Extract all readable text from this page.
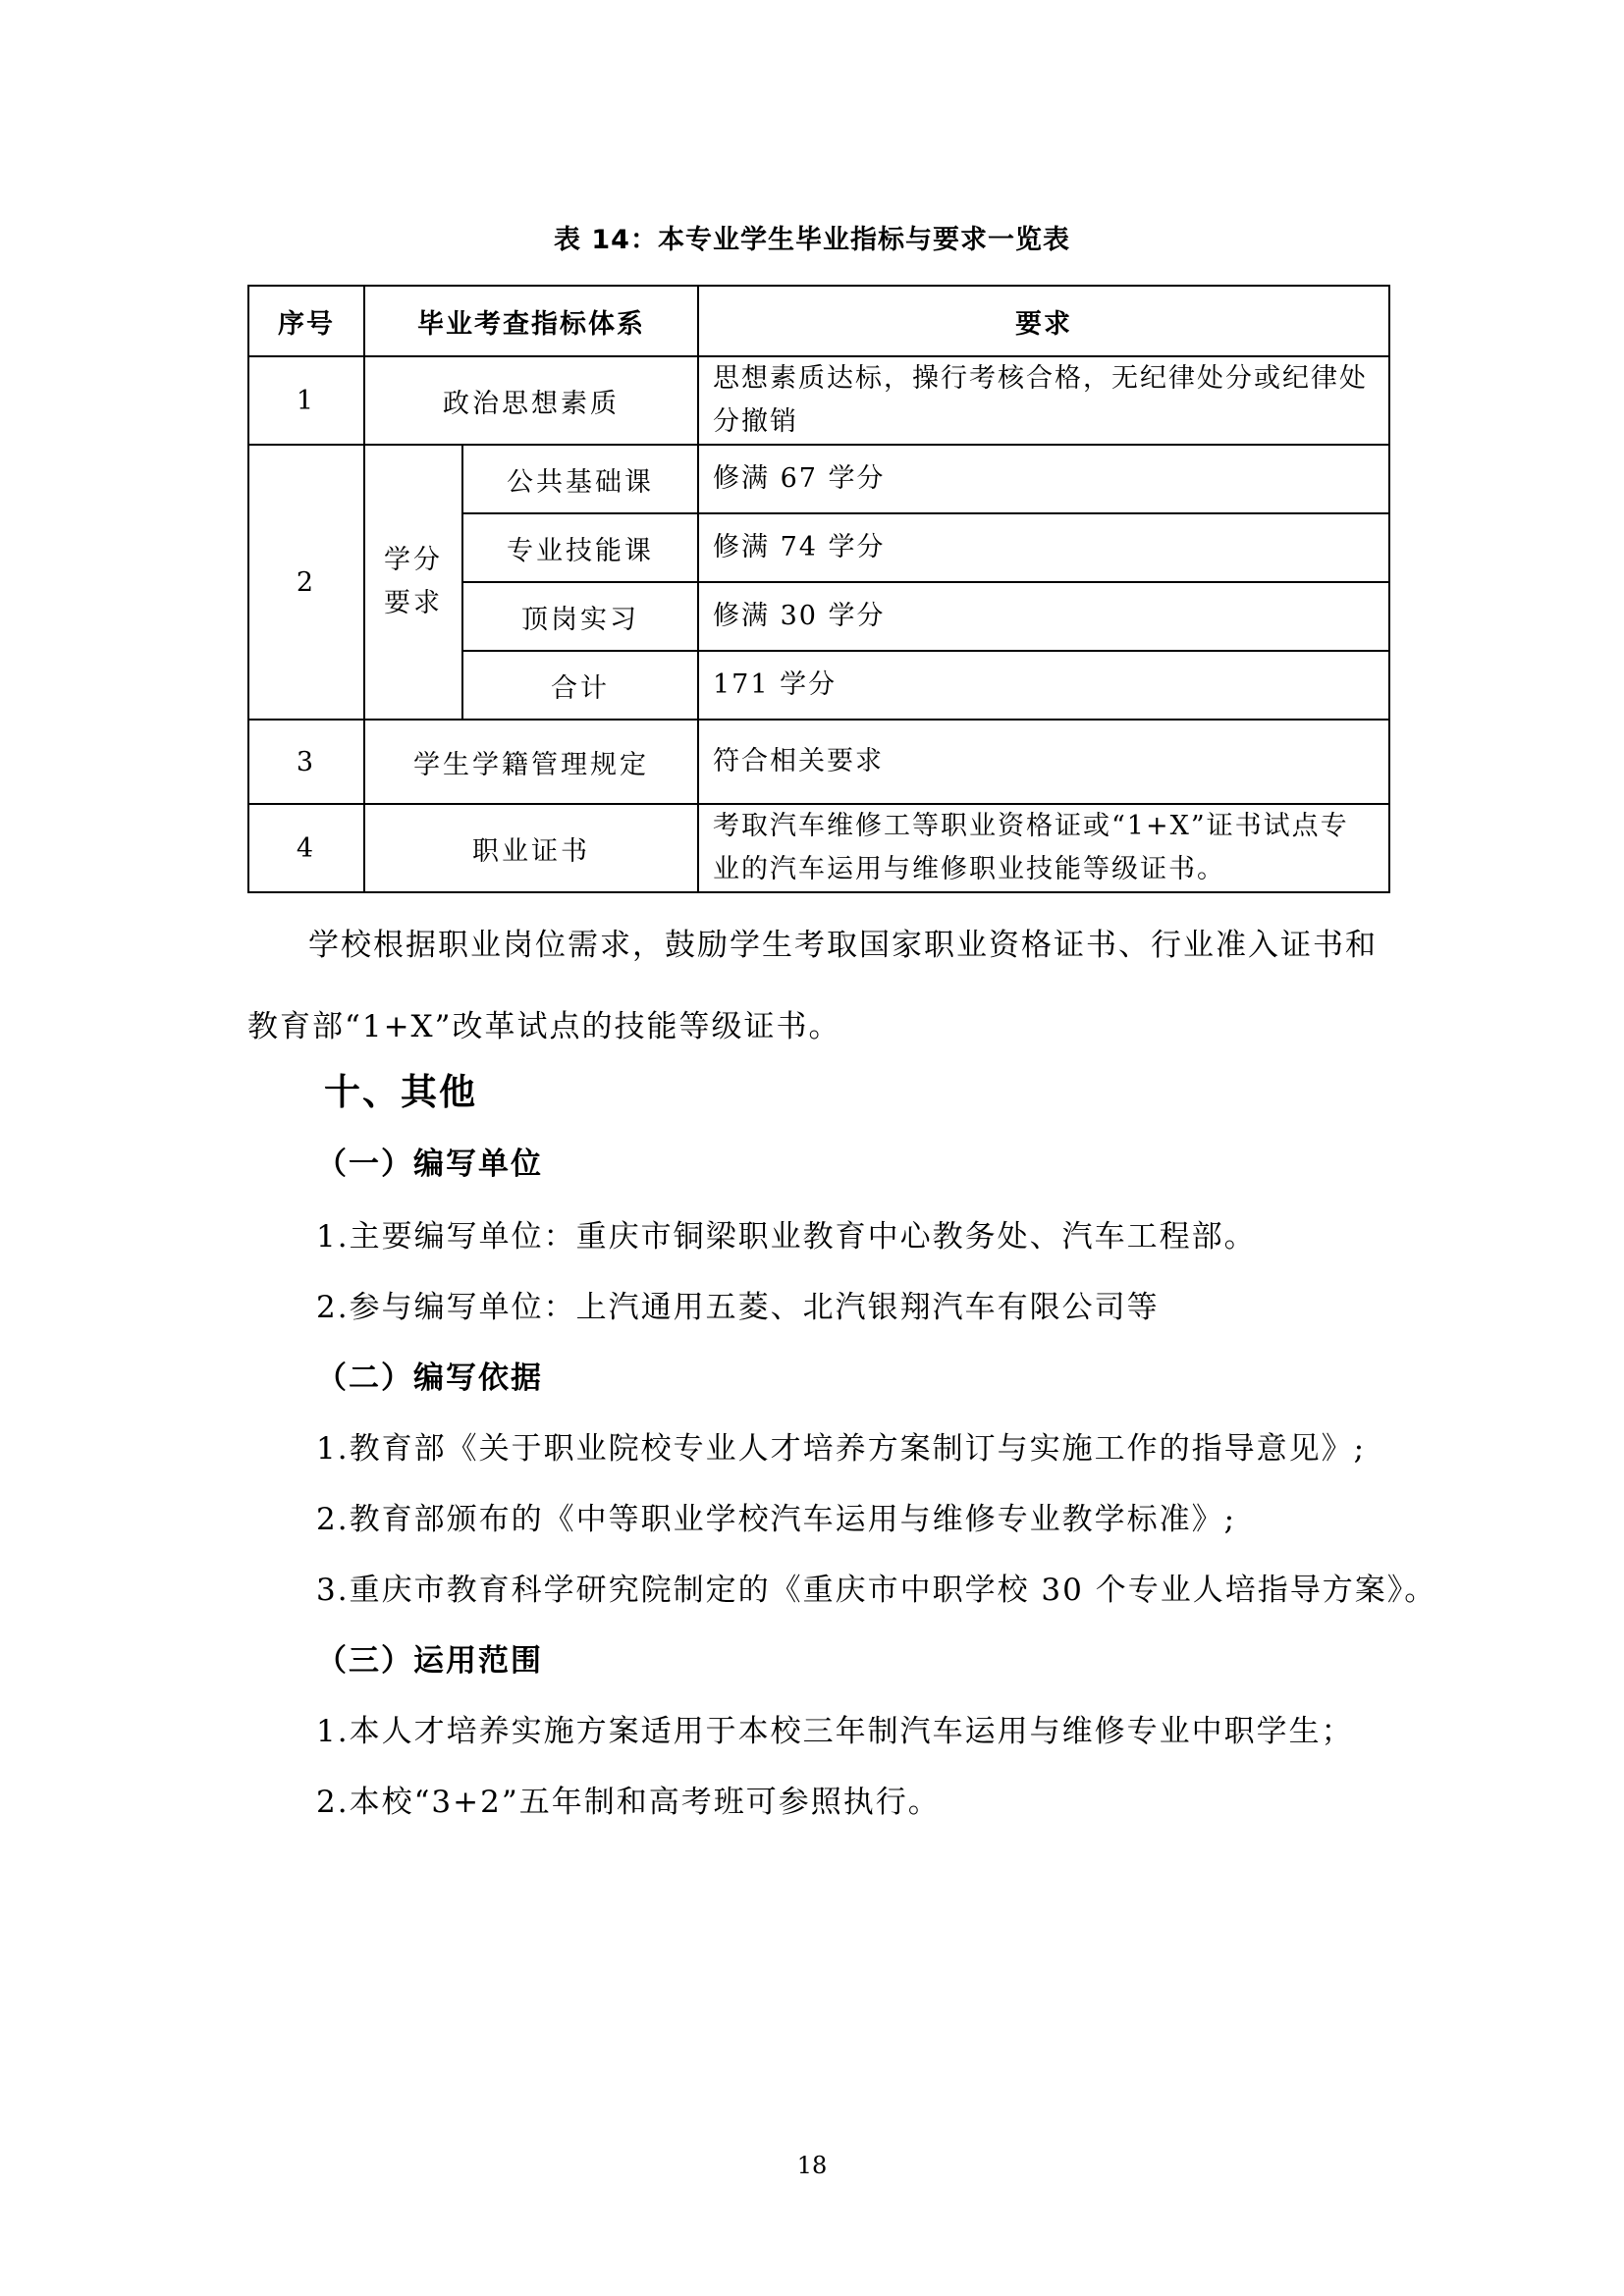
表 14：本专业学生毕业指标与要求一览表
序号	毕业考查指标体系		要求
1	政治思想素质		思想素质达标，操行考核合格，无纪律处分或纪律处分撤销
2	学分要求	公共基础课	修满 67 学分
		专业技能课	修满 74 学分
		顶岗实习	修满 30 学分
		合计	171 学分
3	学生学籍管理规定		符合相关要求
4	职业证书		考取汽车维修工等职业资格证或“1+X”证书试点专业的汽车运用与维修职业技能等级证书。

学校根据职业岗位需求，鼓励学生考取国家职业资格证书、行业准入证书和教育部“1+X”改革试点的技能等级证书。

十、其他
（一）编写单位
1.主要编写单位：重庆市铜梁职业教育中心教务处、汽车工程部。
2.参与编写单位：上汽通用五菱、北汽银翔汽车有限公司等
（二）编写依据
1.教育部《关于职业院校专业人才培养方案制订与实施工作的指导意见》;
2.教育部颁布的《中等职业学校汽车运用与维修专业教学标准》;
3.重庆市教育科学研究院制定的《重庆市中职学校 30 个专业人培指导方案》。
（三）运用范围
1.本人才培养实施方案适用于本校三年制汽车运用与维修专业中职学生；
2.本校“3+2”五年制和高考班可参照执行。
18
